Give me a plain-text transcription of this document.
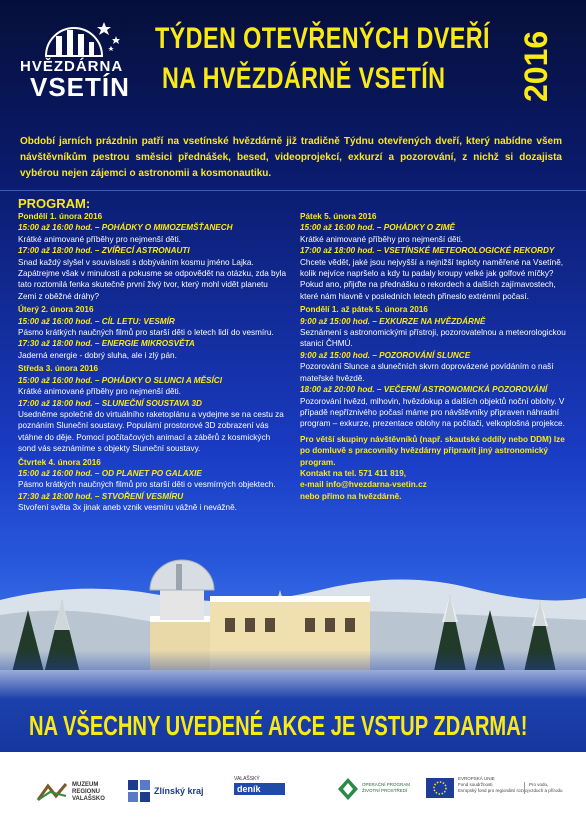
HVĚZDÁRNA
VSETÍN
TÝDEN OTEVŘENÝCH DVEŘÍ
NA HVĚZDÁRNĚ VSETÍN 2016
Období jarních prázdnin patří na vsetínské hvězdárně již tradičně Týdnu otevřených dveří, který nabídne všem návštěvníkům pestrou směsici přednášek, besed, videoprojekcí, exkurzí a pozorování, z nichž si dozajista vybérou nejen zájemci o astronomii a kosmonautiku.
PROGRAM:
Pondělí 1. února 2016
15:00 až 16:00 hod. – POHÁDKY O MIMOZEMŠŤANECH
Krátké animované příběhy pro nejmenší děti.
17:00 až 18:00 hod. – ZVÍŘECÍ ASTRONAUTI
Snad každý slyšel v souvislosti s dobýváním kosmu jméno Lajka. Zapátrejme však v minulosti a pokusme se odpovědět na otázku, zda byla tato roztomilá fenka skutečně první živý tvor, který mohl vidět planetu Zemi z oběžné dráhy?
Úterý 2. února 2016
15:00 až 16:00 hod. – CÍL LETU: VESMÍR
Pásmo krátkých naučných filmů pro starší děti o letech lidí do vesmíru.
17:30 až 18:00 hod. – ENERGIE MIKROSVĚTA
Jaderná energie - dobrý sluha, ale i zlý pán.
Středa 3. února 2016
15:00 až 16:00 hod. – POHÁDKY O SLUNCI A MĚSÍCI
Krátké animované příběhy pro nejmenší děti.
17:00 až 18:00 hod. – SLUNEČNÍ SOUSTAVA 3D
Usedněme společně do virtuálního raketoplánu a vydejme se na cestu za poznáním Sluneční soustavy. Populární prostorové 3D zobrazení vás vtáhne do děje. Pomocí počítačových animací a záběrů z kosmických sond vás seznámíme s objekty Sluneční soustavy.
Čtvrtek 4. února 2016
15:00 až 16:00 hod. – OD PLANET PO GALAXIE
Pásmo krátkých naučných filmů pro starší děti o vesmírných objektech.
17:30 až 18:00 hod. – STVOŘENÍ VESMÍRU
Stvoření světa 3x jinak aneb vznik vesmíru vážně i nevážně.
Pátek 5. února 2016
15:00 až 16:00 hod. – POHÁDKY O ZIMĚ
Krátké animované příběhy pro nejmenší děti.
17:00 až 18:00 hod. – VSETÍNSKÉ METEOROLOGICKÉ REKORDY
Chcete vědět, jaké jsou nejvyšší a nejnižší teploty naměřené na Vsetíně, kolik nejvíce napršelo a kdy tu padaly kroupy velké jak golfové míčky? Pokud ano, přijďte na přednášku o rekordech a dalších zajímavostech, které nám hlavně v posledních letech přineslo extrémní počasí.
Pondělí 1. až pátek 5. února 2016
9:00 až 15:00 hod. – EXKURZE NA HVĚZDÁRNĚ
Seznámení s astronomickými přístroji, pozorovatelnou a meteorologickou stanicí ČHMÚ.
9:00 až 15:00 hod. – POZOROVÁNÍ SLUNCE
Pozorování Slunce a slunečních skvrn doprovázené povídáním o naší mateřské hvězdě.
18:00 až 20:00 hod. – VEČERNÍ ASTRONOMICKÁ POZOROVÁNÍ
Pozorování hvězd, mlhovin, hvězdokup a dalších objektů noční oblohy. V případě nepříznivého počasí máme pro návštěvníky připraven náhradní program – exkurze, prezentace oblohy na počítači, velkoplošná projekce.
Pro větší skupiny návštěvníků (např. skautské oddíly nebo DDM) lze po domluvě s pracovníky hvězdárny připravit jiný astronomický program.
Kontakt na tel. 571 411 819,
e-mail info@hvezdarna-vsetin.cz
nebo přímo na hvězdárně.
NA VŠECHNY UVEDENÉ AKCE JE VSTUP ZDARMA!
MUZEUM
REGIONU
VALAŠSKO
Zlínský kraj
VALAŠSKÝ
deník	OPERAČNÍ PROGRAM
ŽIVOTNÍ PROSTŘEDÍ
EVROPSKÁ UNIE
Fond soudržnosti
Evropský fond pro regionální rozvoj
Pro vodu,
vzduch a přírodu
